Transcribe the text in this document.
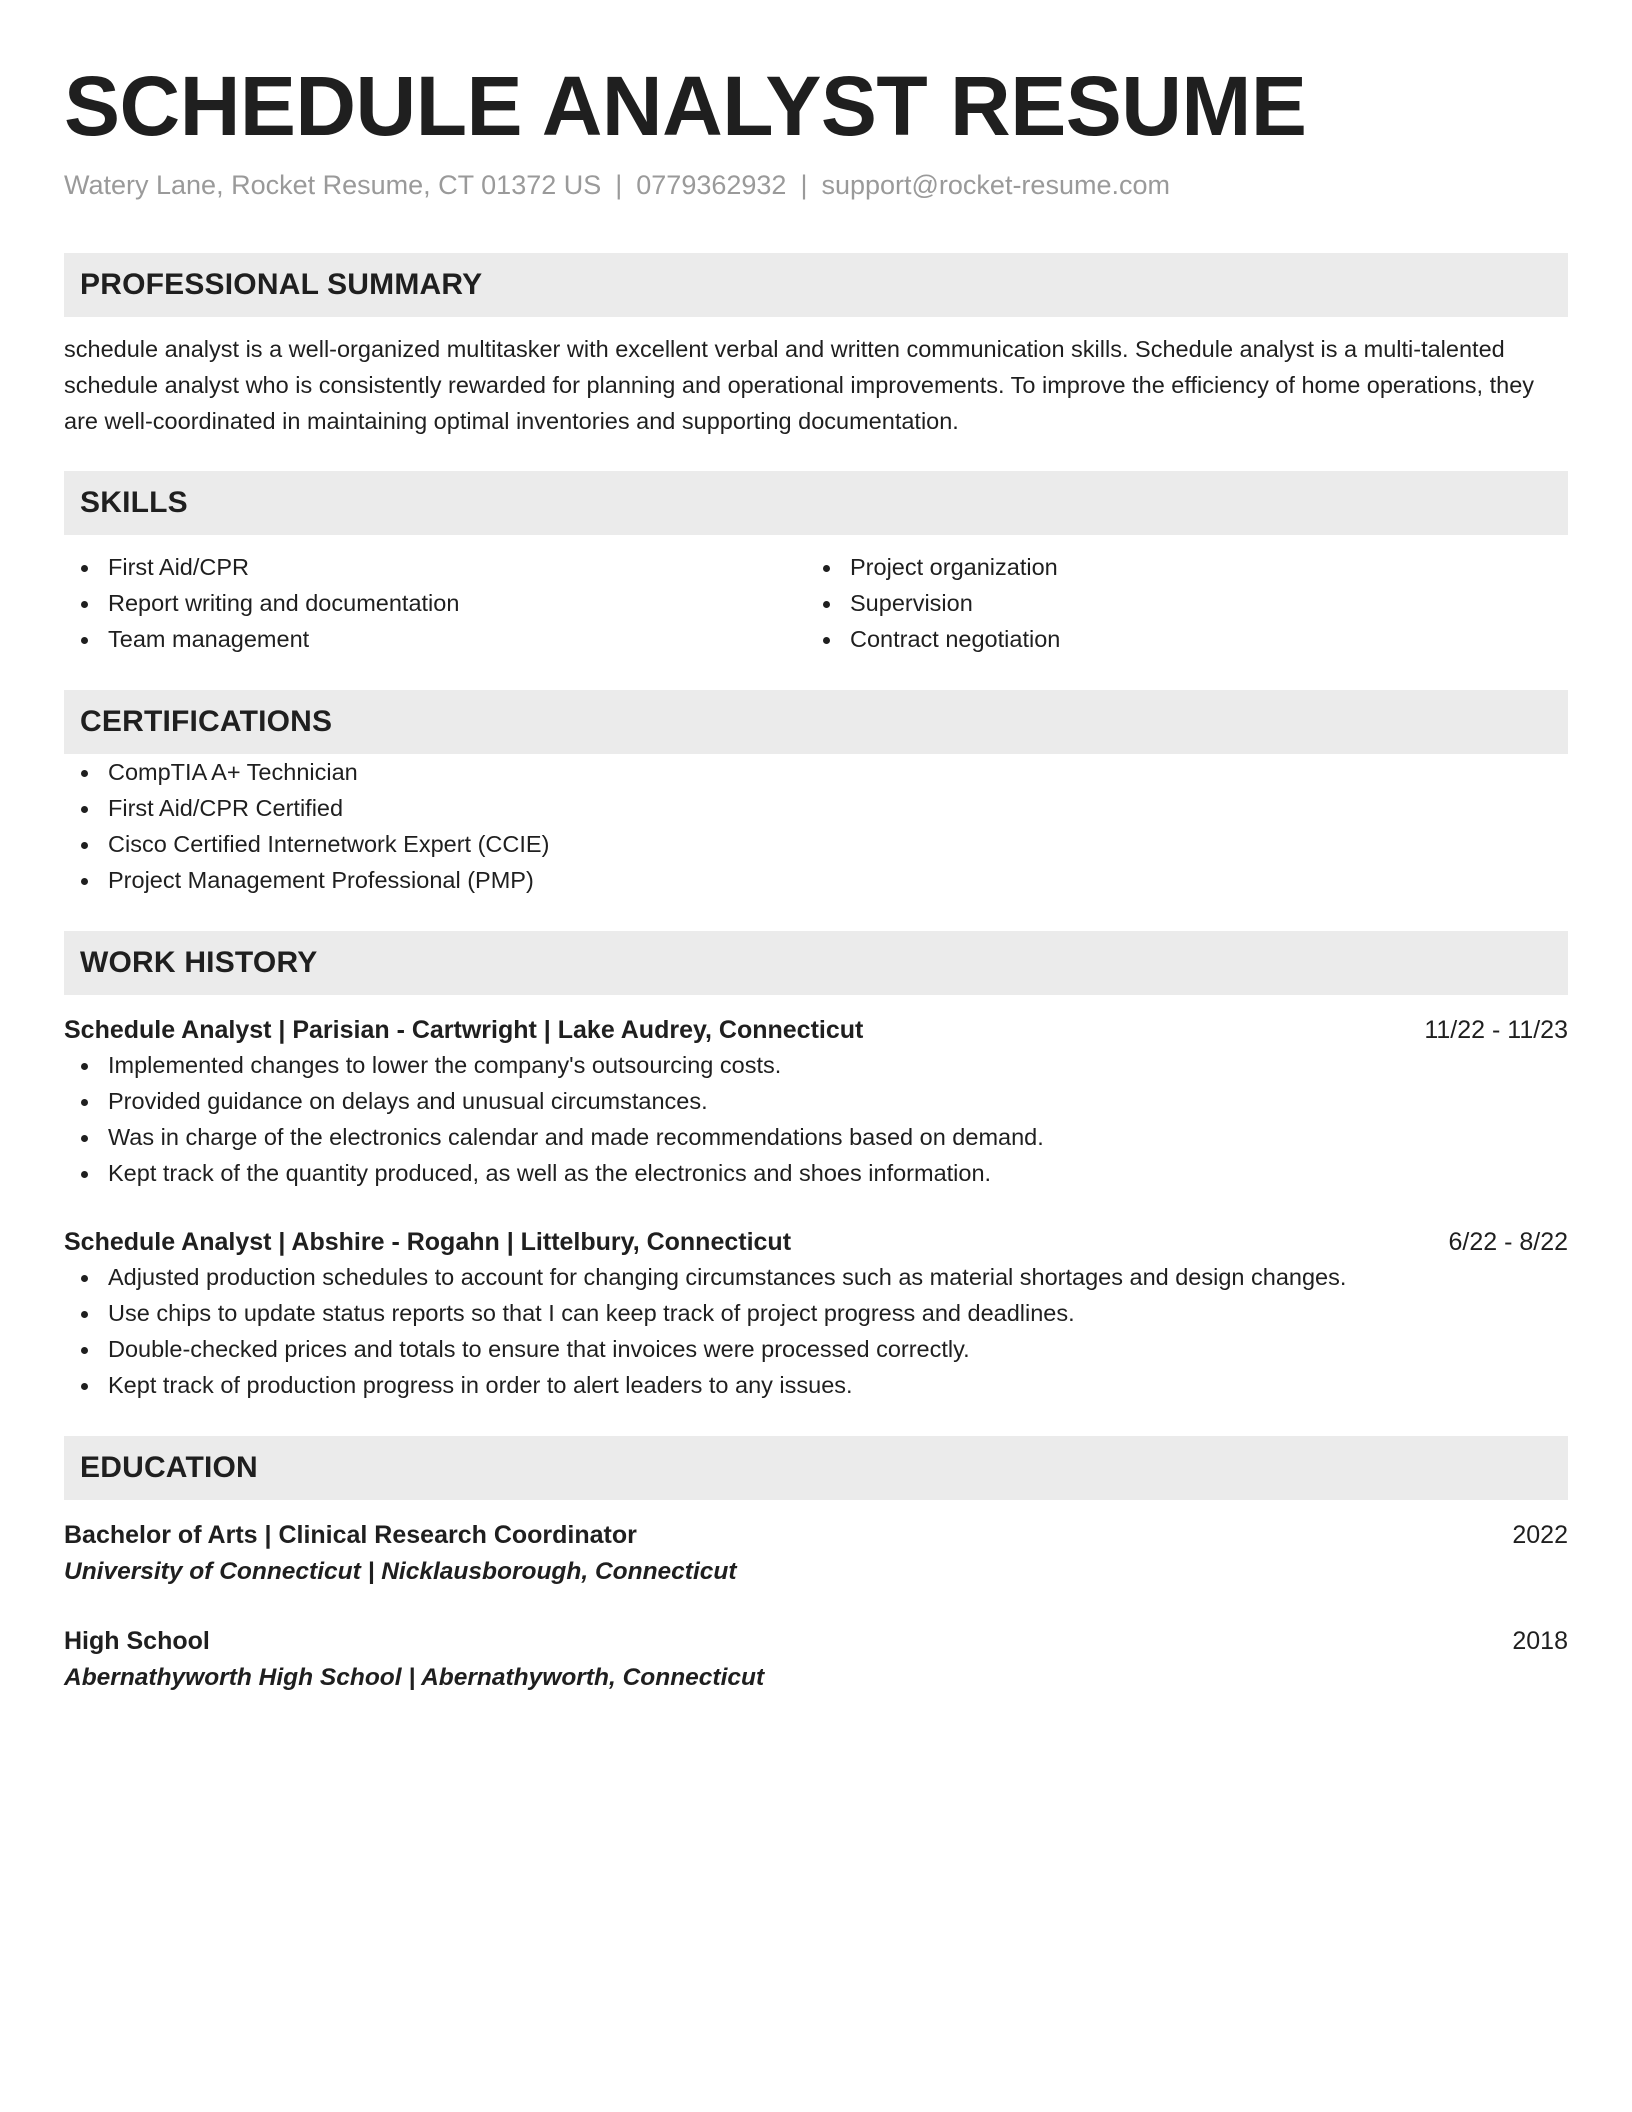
SCHEDULE ANALYST RESUME
Watery Lane, Rocket Resume, CT 01372 US | 0779362932 | support@rocket-resume.com
PROFESSIONAL SUMMARY

schedule analyst is a well-organized multitasker with excellent verbal and written communication skills. Schedule analyst is a multi-talented schedule analyst who is consistently rewarded for planning and operational improvements. To improve the efficiency of home operations, they are well-coordinated in maintaining optimal inventories and supporting documentation.

SKILLS
First Aid/CPR
Report writing and documentation
Team management
Project organization
Supervision
Contract negotiation
CERTIFICATIONS
CompTIA A+ Technician
First Aid/CPR Certified
Cisco Certified Internetwork Expert (CCIE)
Project Management Professional (PMP)
WORK HISTORY
Schedule Analyst | Parisian - Cartwright | Lake Audrey, Connecticut	11/22 - 11/23
Implemented changes to lower the company's outsourcing costs.
Provided guidance on delays and unusual circumstances.
Was in charge of the electronics calendar and made recommendations based on demand.
Kept track of the quantity produced, as well as the electronics and shoes information.
Schedule Analyst | Abshire - Rogahn | Littelbury, Connecticut	6/22 - 8/22
Adjusted production schedules to account for changing circumstances such as material shortages and design changes.
Use chips to update status reports so that I can keep track of project progress and deadlines.
Double-checked prices and totals to ensure that invoices were processed correctly.
Kept track of production progress in order to alert leaders to any issues.
EDUCATION
Bachelor of Arts | Clinical Research Coordinator	2022
University of Connecticut | Nicklausborough, Connecticut
High School	2018
Abernathyworth High School | Abernathyworth, Connecticut
